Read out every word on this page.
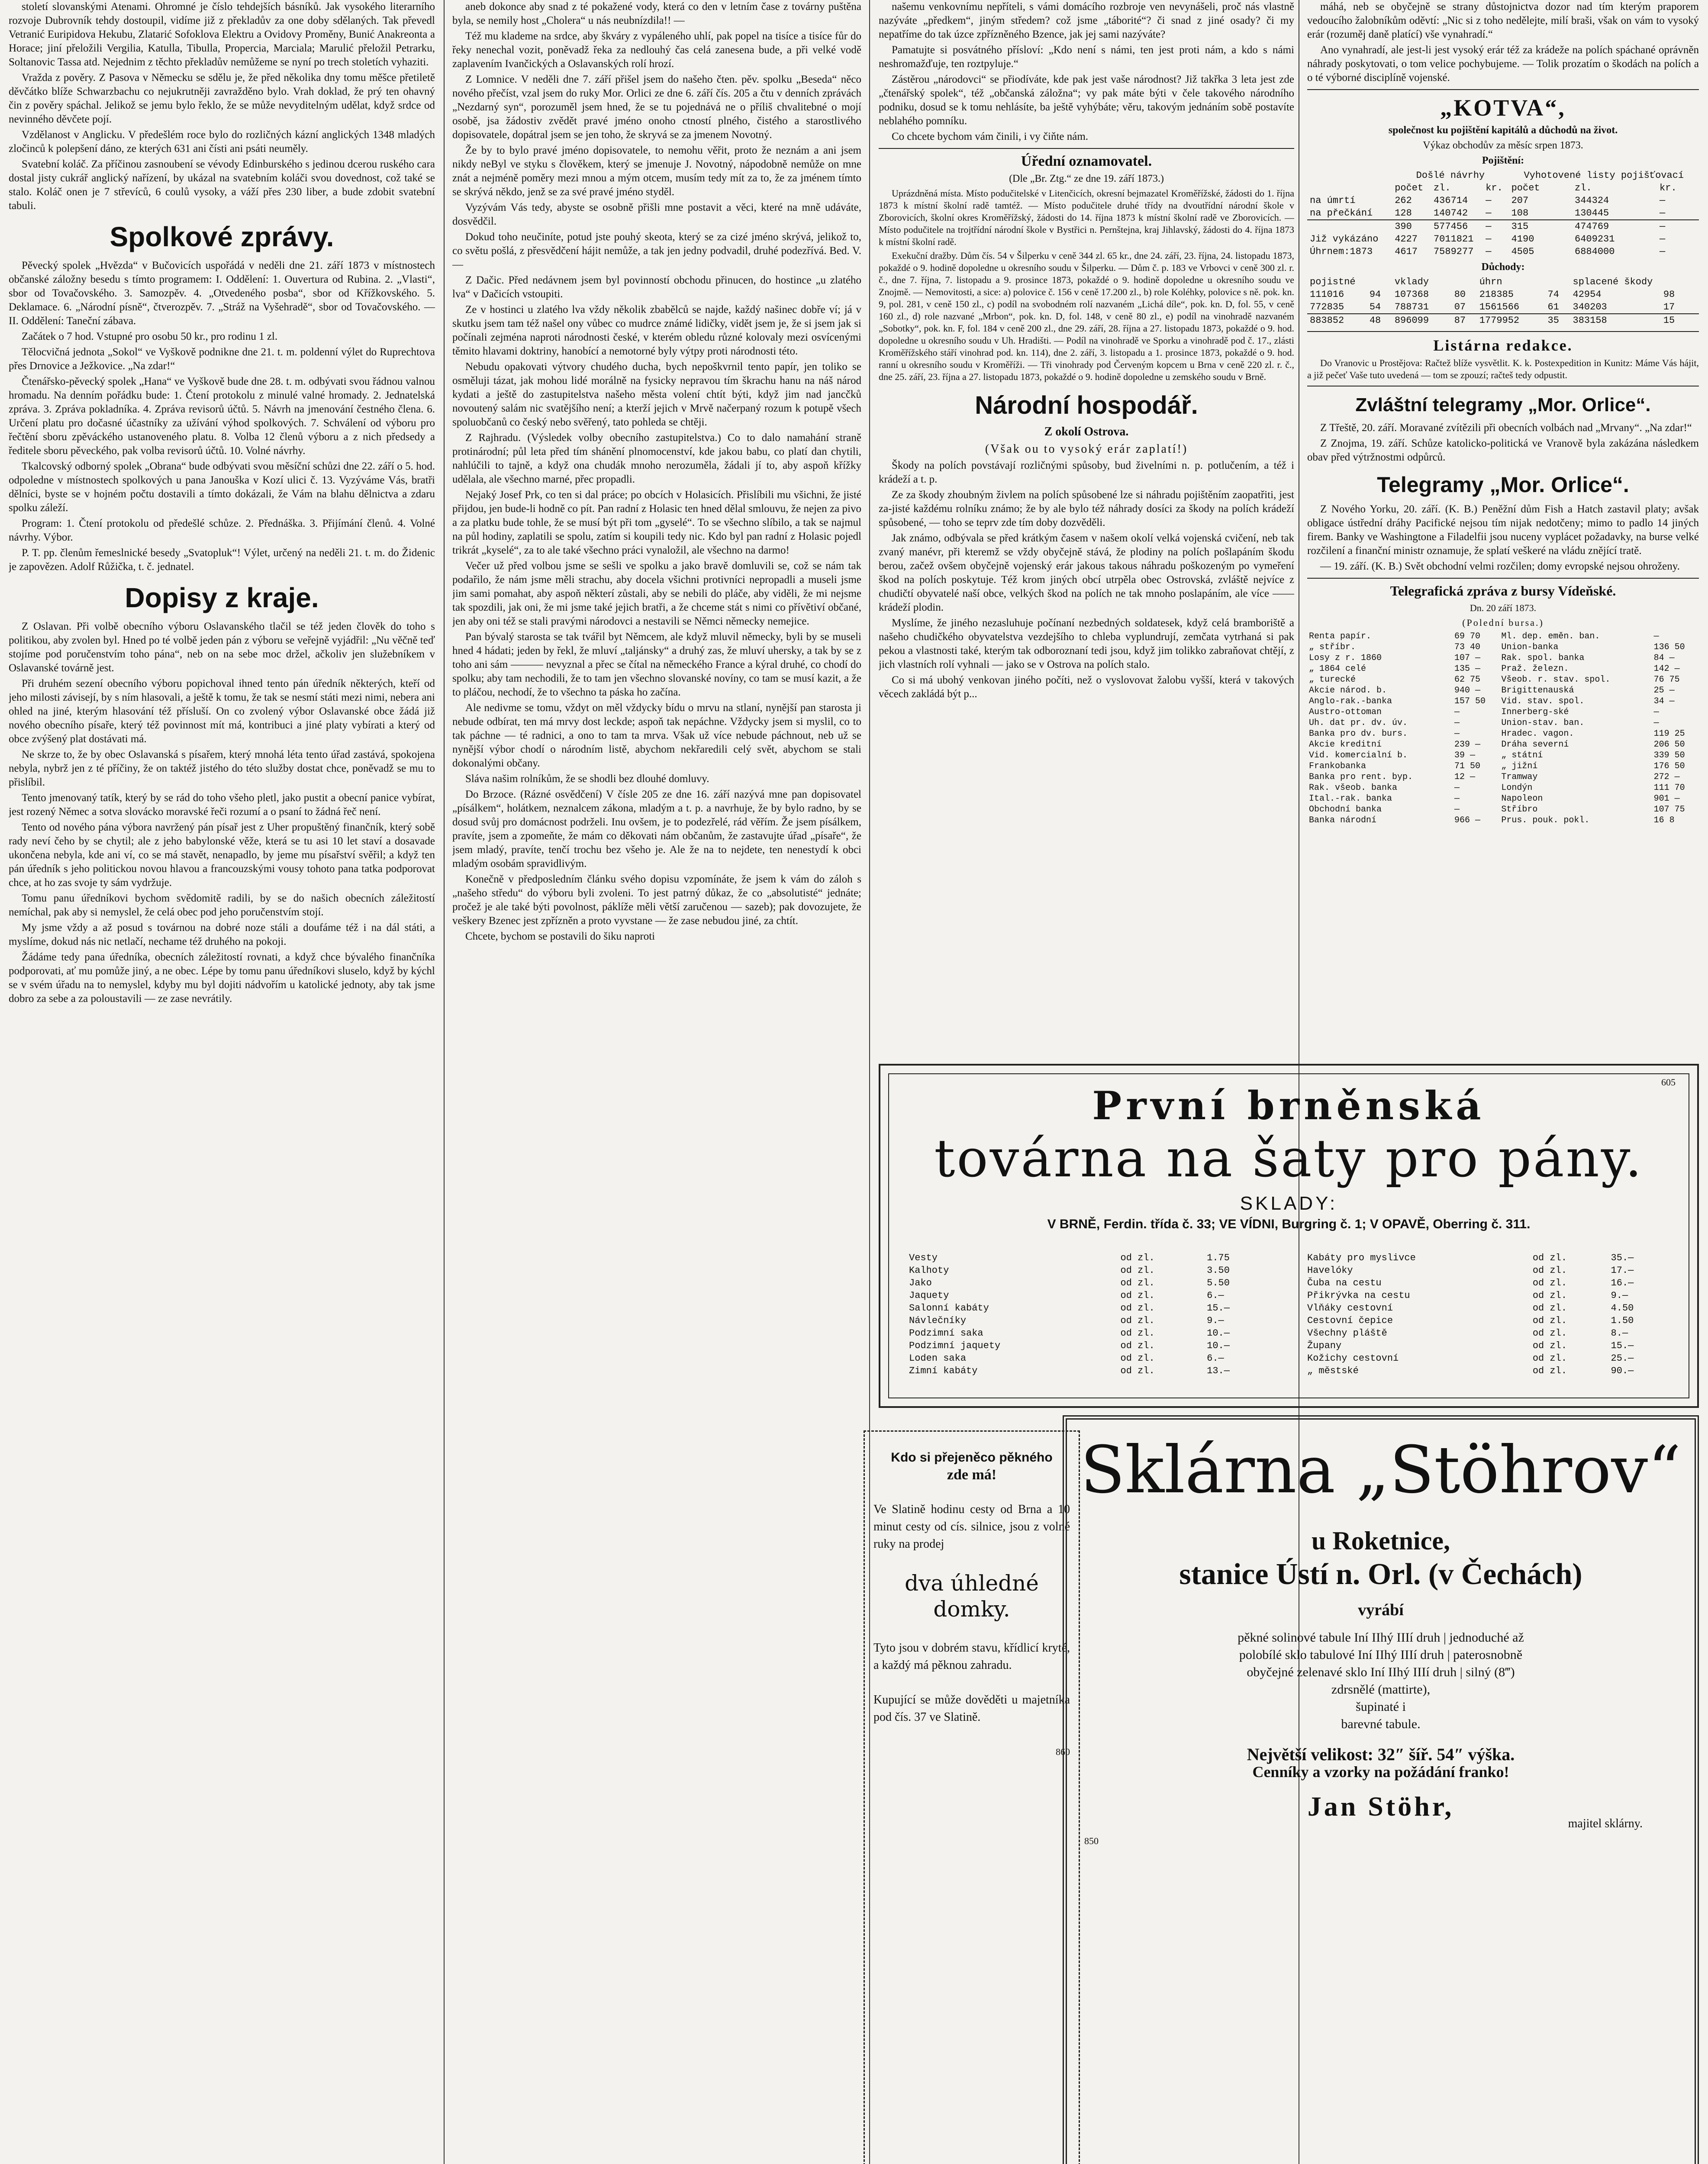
století slovanskými Atenami. Ohromné je číslo tehdejších básníků. Jak vysokého literarního rozvoje Dubrovník tehdy dostoupil, vidíme již z překladův za one doby sdělaných. Tak převedl Vetranić Euripidova Hekubu, Zlatarić Sofoklova Elektru a Ovidovy Proměny, Bunić Anakreonta a Horace; jiní přeložili Vergiliа, Katulla, Tibulla, Propercia, Marciala; Marulić přeložil Petrarku, Soltanovic Tassa atd. Nejednim z těchto překladův nemůžeme se nyní po trech stoletích vyhaziti.

Vražda z pověry. Z Pasova v Německu se sdělu je, že před několika dny tomu měšce přetiletě děvčátko blíže Schwarzbachu co nejukrutněji zavražděno bylo. Vrah doklad, že prý ten ohavný čin z pověry spáchal. Jelikož se jemu bylo řeklo, že se může nevyditelným udělat, když srdce od nevinného děvčete pojí.

Vzdělanost v Anglicku. V předešlém roce bylo do rozličných kázní anglických 1348 mladých zločinců k polepšení dáno, ze kterých 631 ani čísti ani psáti neuměly.

Svatební koláč. Za příčinou zasnoubení se vévody Edinburského s jedinou dcerou ruského cara dostal jisty cukrář anglický nařízení, by ukázal na svatebním koláči svou dovednost, což také se stalo. Koláč onen je 7 střevíců, 6 coulů vysoky, a váží přes 230 liber, a bude zdobit svatební tabuli.

Spolkové zprávy.

Pěvecký spolek „Hvězda“ v Bučovicích uspořádá v neděli dne 21. září 1873 v místnostech občanské záložny besedu s tímto programem: I. Oddělení: 1. Ouvertura od Rubina. 2. „Vlasti“, sbor od Tovačovského. 3. Samozpěv. 4. „Otvedeného posba“, sbor od Křížkovského. 5. Deklamace. 6. „Národní písně“, čtverozpěv. 7. „Stráž na Vyšehradě“, sbor od Tovačovského. — II. Oddělení: Taneční zábava.

Začátek o 7 hod. Vstupné pro osobu 50 kr., pro rodinu 1 zl.

Tělocvičná jednota „Sokol“ ve Vyškově podnikne dne 21. t. m. poldenní výlet do Ruprechtova přes Drnovice a Ježkovice. „Na zdar!“

Čtenářsko-pěvecký spolek „Hana“ ve Vyškově bude dne 28. t. m. odbývati svou řádnou valnou hromadu. Na denním pořádku bude: 1. Čtení protokolu z minulé valné hromady. 2. Jednatelská zpráva. 3. Zpráva pokladníka. 4. Zpráva revisorů účtů. 5. Návrh na jmenování čestného člena. 6. Určení platu pro dočasné účastníky za užívání výhod spolkových. 7. Schválení od výboru pro řečtění sboru zpěváckého ustanoveného platu. 8. Volba 12 členů výboru a z nich předsedy a ředitele sboru pěveckého, pak volba revisorů účtů. 10. Volné návrhy.

Tkalcovský odborný spolek „Obrana“ bude odbývati svou měsíční schůzi dne 22. září o 5. hod. odpoledne v místnostech spolkových u pana Janouška v Kozí ulici č. 13. Vyzýváme Vás, bratři dělníci, byste se v hojném počtu dostavili a tímto dokázali, že Vám na blahu dělnictva a zdaru spolku záleží.

Program: 1. Čtení protokolu od předešlé schůze. 2. Přednáška. 3. Přijímání členů. 4. Volné návrhy. Výbor.

P. T. pp. členům řemeslnické besedy „Svatopluk“! Výlet, určený na neděli 21. t. m. do Židenic je zapovězen. Adolf Růžička, t. č. jednatel.

Dopisy z kraje.

Z Oslavan. Při volbě obecního výboru Oslavanského tlačil se též jeden člověk do toho s politikou, aby zvolen byl. Hned po té volbě jeden pán z výboru se veřejně vyjádřil: „Nu věčně teď stojíme pod poručenstvím toho pána“, neb on na sebe moc držel, ačkoliv jen služebníkem v Oslavanské továrně jest.

Při druhém sezení obecního výboru popichoval ihned tento pán úředník některých, kteří od jeho milosti závisejí, by s ním hlasovali, a ještě k tomu, že tak se nesmí státi mezi nimi, nebera ani ohled na jiné, kterým hlasování též přísluší. On co zvolený výbor Oslavanské obce žádá již nového obecního písaře, který též povinnost mít má, kontribuci a jiné platy vybírati a který od obce zvýšený plat dostávati má.

Ne skrze to, že by obec Oslavanská s písařem, který mnohá léta tento úřad zastává, spokojena nebyla, nybrž jen z té příčiny, že on taktéž jistého do této služby dostat chce, poněvadž se mu to přislíbil.

Tento jmenovaný tatík, který by se rád do toho všeho pletl, jako pustit a obecní panice vybírat, jest rozený Němec a sotva slovácko moravské řeči rozumí a o psaní to žádná řeč není.

Tento od nového pána výbora navržený pán písař jest z Uher propuštěný finančník, který sobě rady neví čeho by se chytil; ale z jeho babylonské věže, která se tu asi 10 let staví a dosavade ukončena nebyla, kde ani ví, co se má stavět, nenapadlo, by jeme mu písařství svěřil; a když ten pán úředník s jeho politickou novou hlavou a francouzskými vousy tohoto pana tatka podporovat chce, at ho zas svoje ty sám vydržuje.

Tomu panu úředníkovi bychom svědomitě radili, by se do našich obecních záležitostí nemíchal, pak aby si nemyslel, že celá obec pod jeho poručenstvím stojí.

My jsme vždy a až posud s továrnou na dobré noze stáli a doufáme též i na dál státi, a myslíme, dokud nás nic netlačí, nechame též druhého na pokoji.

Žádáme tedy pana úředníka, obecních záležitostí rovnati, a když chce bývalého finančníka podporovati, ať mu pomůže jiný, a ne obec. Lépe by tomu panu úředníkovi sluselo, když by kýchl se v svém úřadu na to nemyslel, kdyby mu byl dojiti nádvořím u katolické jednoty, aby tak jsme dobro za sebe a za poloustavili — ze zase nevrátily.

aneb dokonce aby snad z té pokažené vody, která co den v letním čase z továrny puštěna byla, se nemily host „Cholera“ u nás neubnízdila!! —

Též mu klademe na srdce, aby škváry z vypáleného uhlí, pak popel na tisíce a tisíce fůr do řeky nenechal vozit, poněvadž řeka za nedlouhý čas celá zanesena bude, a při velké vodě zaplavením Ivančických a Oslavanských rolí hrozí.

Z Lomnice. V neděli dne 7. září přišel jsem do našeho čten. pěv. spolku „Beseda“ něco nového přečíst, vzal jsem do ruky Mor. Orlici ze dne 6. září čís. 205 a čtu v denních zprávách „Nezdarný syn“, porozuměl jsem hned, že se tu pojednává ne o příliš chvalitebné o mojí osobě, jsa žádostiv zvědět pravé jméno onoho ctností plného, čistého a starostlivého dopisovatele, dopátral jsem se jen toho, že skryvá se za jmenem Novotný.

Že by to bylo pravé jméno dopisovatele, to nemohu věřit, proto že neznám a ani jsem nikdy neByl ve styku s člověkem, který se jmenuje J. Novotný, nápodobně nemůže on mne znát a nejméně poměry mezi mnou a mým otcem, musím tedy mít za to, že za jménem tímto se skrývá někdo, jenž se za své pravé jméno styděl.

Vyzývám Vás tedy, abyste se osobně přišli mne postavit a věci, které na mně udáváte, dosvědčil.

Dokud toho neučiníte, potud jste pouhý skeota, který se za cizé jméno skrývá, jelikož to, co světu pošlá, z přesvědčení hájit nemůže, a tak jen jedny podvadil, druhé podezřívá. Bed. V.—

Z Dačic. Před nedávnem jsem byl povinností obchodu přinucen, do hostince „u zlatého lva“ v Dačicích vstoupiti.

Ze v hostinci u zlatého lva vždy několik zbabělců se najde, každý našinec dobře ví; já v skutku jsem tam též našel ony vůbec co mudrce známé lidičky, vidět jsem je, že si jsem jak si počínali zejména naproti národnosti české, v kterém obledu různé kolovaly mezi osvícenými těmito hlavami doktriny, hanobící a nemotorné byly výtpy proti národnosti této.

Nebudu opakovati výtvory chudého ducha, bych nepoškvrnil tento papír, jen toliko se osměluji tázat, jak mohou lidé morálně na fysicky nepravou tím škrachu hanu na náš národ kydati a ještě do zastupitelstva našeho města volení chtít býti, když jim nad jancčků novoutený salám nic svatějšího není; a kterží jejich v Mrvě načerpaný rozum k potupě všech spoluobčanů co český nebo svěřený, tato pohleda se chtěji.

Z Rajhradu. (Výsledek volby obecního zastupitelstva.) Co to dalo namahání straně protinárodní; půl leta před tím shánění plnomocenství, kde jakou babu, co platí dan chytili, nahlúčili to tajně, a když ona chudák mnoho nerozuměla, žádali jí to, aby aspoň křížky udělala, ale všechno marné, přec propadli.

Nejaký Josef Prk, co ten si dal práce; po obcích v Holasicích. Přislíbili mu všichni, že jisté přijdou, jen bude-li hodně co pít. Pan radní z Holasic ten hned dělal smlouvu, že nejen za pivo a za platku bude tohle, že se musí být při tom „gyselé“. To se všechno slíbilo, a tak se najmul na půl hodiny, zaplatili se spolu, zatím si koupili tedy nic. Kdo byl pan radní z Holasic pojedl trikrát „kyselé“, za to ale také všechno práci vynaložil, ale všechno na darmo!

Večer už před volbou jsme se sešli ve spolku a jako bravě domluvili se, což se nám tak podařilo, že nám jsme měli strachu, aby docela všichni protivníci nepropadli a museli jsme jim sami pomahat, aby aspoň některí zůstali, aby se nebili do pláče, aby viděli, že mi nejsme tak spozdili, jak oni, že mi jsme také jejich bratři, a že chceme stát s nimi co přívětiví občané, jen aby oni též se stali pravými národovci a nestavili se Němci německy nemejice.

Pan bývalý starosta se tak tvářil byt Němcem, ale když mluvil německy, byli by se museli hned 4 hádati; jeden by řekl, že mluví „taljánsky“ a druhý zas, že mluví uhersky, a tak by se z toho ani sám ——— nevyznal a přec se čítal na německého France a kýral druhé, co chodí do spolku; aby tam nechodili, že to tam jen všechno slovanské novíny, co tam se musí kazit, a že to pláčou, nechodí, že to všechno ta páska ho začína.

Ale nedivme se tomu, vždyt on měl vždycky bídu o mrvu na stlaní, nynější pan starosta ji nebude odbírat, ten má mrvy dost leckde; aspoň tak nepáchne. Vždycky jsem si myslil, co to tak páchne — té radnici, a ono to tam ta mrva. Však už více nebude páchnout, neb už se nynější výbor chodí o národním listě, abychom nekřaredili celý svět, abychom se stali dokonalými občany.

Sláva našim rolníkům, že se shodli bez dlouhé domluvy.

Do Brzoce. (Rázné osvědčení) V čísle 205 ze dne 16. září nazývá mne pan dopisovatel „písálkem“, holátkem, neznalcem zákona, mladým a t. p. a navrhuje, že by bylo radno, by se dosud svůj pro domácnost podrželi. Inu ovšem, je to podezřelé, rád věřím. Že jsem písálkem, pravíte, jsem a zpomeňte, že mám co děkovati nám občanům, že zastavujte úřad „písaře“, že jsem mladý, pravíte, tenčí trochu bez všeho je. Ale že na to nejdete, ten nenestydí k obci mladým osobám spravidlivým.

Konečně v předposledním článku svého dopisu vzpomínáte, že jsem k vám do záloh s „našeho středu“ do výboru byli zvoleni. To jest patrný důkaz, že co „absolutisté“ jednáte; pročež je ale také býti povolnost, páklíže měli větší zaručenou — sazeb); pak dovozujete, že veškery Bzenec jest zpřízněn a proto vyvstane — že zase nebudou jiné, za chtít.

Chcete, bychom se postavili do šiku naproti

našemu venkovnímu nepříteli, s vámi domácího rozbroje ven nevynášeli, proč nás vlastně nazýváte „předkem“, jiným středem? což jsme „táborité“? či snad z jiné osady? či my nepatříme do tak úzce zpřízněného Bzence, jak jej sami nazýváte?

Pamatujte si posvátného přísloví: „Kdo není s námi, ten jest proti nám, a kdo s námi neshromažďuje, ten roztpyluje.“

Zástěrou „národovci“ se přiodíváte, kde pak jest vaše národnost? Již takřka 3 leta jest zde „čtenářský spolek“, též „občanská záložna“; vy pak máte býti v čele takového národního podniku, dosud se k tomu nehlásíte, ba ještě vyhýbáte; věru, takovým jednáním sobě postavíte neblahého pomníku.

Co chcete bychom vám činili, i vy čiňte nám.

Úřední oznamovatel.
(Dle „Br. Ztg.“ ze dne 19. září 1873.)

Uprázdněná místa. Místo podučitelské v Litenčicích, okresní bejmazatel Kroměřížské, žádosti do 1. října 1873 k místní školní radě tamtéž. — Místo podučitele druhé třídy na dvoutřídní národní škole v Zborovicích, školní okres Kroměřížský, žádosti do 14. října 1873 k místní školní radě ve Zborovicích. — Místo podučitele na trojtřídní národní škole v Bystřici n. Pernštejna, kraj Jihlavský, žádosti do 4. října 1873 k místní školní radě.

Exekuční dražby. Dům čís. 54 v Šilperku v ceně 344 zl. 65 kr., dne 24. září, 23. října, 24. listopadu 1873, pokaždé o 9. hodině dopoledne u okresního soudu v Šilperku. — Dům č. p. 183 ve Vrbovci v ceně 300 zl. r. č., dne 7. října, 7. listopadu a 9. prosince 1873, pokaždé o 9. hodině dopoledne u okresního soudu ve Znojmě. — Nemovitosti, a sice: a) polovice č. 156 v ceně 17.200 zl., b) role Koléhky, polovice s ně. pok. kn. 9, pol. 281, v ceně 150 zl., c) podíl na svobodném rolí nazvaném „Lichá díle“, pok. kn. D, fol. 55, v ceně 160 zl., d) role nazvané „Mrbon“, pok. kn. D, fol. 148, v ceně 80 zl., e) podíl na vinohradě nazvaném „Sobotky“, pok. kn. F, fol. 184 v ceně 200 zl., dne 29. září, 28. října a 27. listopadu 1873, pokaždé o 9. hod. dopoledne u okresního soudu v Uh. Hradišti. — Podíl na vinohradě ve Sporku a vinohradě pod č. 17., zlásti Kroměřížského stáří vinohrad pod. kn. 114), dne 2. září, 3. listopadu a 1. prosince 1873, pokaždé o 9. hod. ranní u okresního soudu v Kroměříži. — Tři vinohrady pod Červeným kopcem u Brna v ceně 220 zl. r. č., dne 25. září, 23. října a 27. listopadu 1873, pokaždé o 9. hodině dopoledne u zemského soudu v Brně.

Národní hospodář.
Z okolí Ostrova.
(Však ou to vysoký erár zaplatí!)

Škody na polích povstávají rozličnými spůsoby, bud živelními n. p. potlučením, a též i krádeží a t. p.

Ze za škody zhoubným živlem na polích spůsobené lze si náhradu pojištěním zaopatřiti, jest za-jisté každému rolníku známo; že by ale bylo též náhrady dosíci za škody na polích krádeží spůsobené, — toho se teprv zde tím doby dozvěděli.

Jak známo, odbývala se před krátkým časem v našem okolí velká vojenská cvičení, neb tak zvaný manévr, při kteremž se vždy obyčejně stává, že plodiny na polích pošlapáním škodu berou, začež ovšem obyčejně vojenský erár jakous takous náhradu poškozeným po vymeření škod na polích poskytuje. Též krom jiných obcí utrpěla obec Ostrovská, zvláště nejvíce z chudičtí obyvatelé naší obce, velkých škod na polích ne tak mnoho poslapáním, ale více —— krádeží plodin.

Myslíme, že jiného nezasluhuje počínaní nezbedných soldatesek, když celá bramboriště a našeho chudičkého obyvatelstva vezdejšího to chleba vyplundrují, zemčata vytrhaná si pak pekou a vlastnosti také, kterým tak odboroznaní tedi jsou, když jim tolikko zabraňovat chtějí, z jich vlastních rolí vyhnali — jako se v Ostrova na polích stalo.

Co si má ubohý venkovan jiného počíti, než o vyslovovat žalobu vyšší, která v takových věcech zakládá být p...

máhá, neb se obyčejně se strany důstojnictva dozor nad tím kterým praporem vedoucího žalobníkům oděvtí: „Nic si z toho nedělejte, milí braši, však on vám to vysoký erár (rozuměj daně platící) vše vynahradí.“

Ano vynahradí, ale jest-li jest vysoký erár též za krádeže na polích spáchané oprávněn náhrady poskytovati, o tom velice pochybujeme. — Tolik prozatím o škodách na polích a o té výborné disciplíně vojenské.

„KOTVA“,
společnost ku pojištění kapitálů a důchodů na život.
Výkaz obchodův za měsíc srpen 1873.
Pojištění:
	Došlé návrhy			Vyhotovené listy pojišťovací		
	počet	zl.	kr.	počet	zl.	kr.
na úmrtí	262	436714	—	207	344324	—
na přečkání	128	140742	—	108	130445	—
	390	577456	—	315	474769	—
Již vykázáno	4227	7011821	—	4190	6409231	—
Úhrnem:1873	4617	7589277	—	4505	6884000	—
Důchody:
pojistné		vklady		úhrn		splacené škody	
111016	94	107368	80	218385	74	42954	98
772835	54	788731	07	1561566	61	340203	17
883852	48	896099	87	1779952	35	383158	15
Listárna redakce.

Do Vranovic u Prostějova: Račtež blíže vysvětlit. K. k. Postexpedition in Kunitz: Máme Vás hájit, a již pečeť Vaše tuto uvedená — tom se zpouzí; račteš tedy odpustit.

Zvláštní telegramy „Mor. Orlice“.

Z Třeště, 20. září. Moravané zvítězili při obecních volbách nad „Mrvany“. „Na zdar!“

Z Znojma, 19. září. Schůze katolicko-politická ve Vranově byla zakázána následkem obav před výtržnostmi odpůrců.

Telegramy „Mor. Orlice“.

Z Nového Yorku, 20. září. (K. B.) Peněžní dům Fish a Hatch zastavil platy; avšak obligace ústřední dráhy Pacifické nejsou tím nijak nedotčeny; mimo to padlo 14 jiných firem. Banky ve Washingtone a Filadelfii jsou nuceny vyplácet požadavky, na burse velké rozčilení a finanční ministr oznamuje, že splatí veškeré na vládu znějící tratě.

— 19. září. (K. B.) Svět obchodní velmi rozčilen; domy evropské nejsou ohroženy.

Telegrafická zpráva z bursy Vídeňské.
Dn. 20 září 1873.
(Polední bursa.)
Renta papír.	69 70	Ml. dep. eměn. ban.	—
„ stříbr.	73 40	Union-banka	136 50
Losy z r. 1860	107 —	Rak. spol. banka	84 —
„ 1864 celé	135 —	Praž. železn.	142 —
„ turecké	62 75	Všeob. r. stav. spol.	76 75
Akcie národ. b.	940 —	Brigittenauská	25 —
Anglo-rak.-banka	157 50	Vid. stav. spol.	34 —
Austro-ottoman	—	Innerberg-ské	—
Uh. dat pr. dv. úv.	—	Union-stav. ban.	—
Banka pro dv. burs.	—	Hradec. vagon.	119 25
Akcie kreditní	239 —	Dráha severní	206 50
Vid. komercialní b.	39 —	„ státní	339 50
Frankobanka	71 50	„ jižní	176 50
Banka pro rent. byp.	12 —	Tramway	272 —
Rak. všeob. banka	—	Londýn	111 70
Ital.-rak. banka	—	Napoleon	901 —
Obchodní banka	—	Stříbro	107 75
Banka národní	966 —	Prus. pouk. pokl.	16 8
605
První brněnská
továrna na šaty pro pány.
SKLADY:
V BRNĚ, Ferdin. třída č. 33; VE VÍDNI, Burgring č. 1; V OPAVĚ, Oberring č. 311.
Vesty	od zl.	1.75
Kalhoty	od zl.	3.50
Jako	od zl.	5.50
Jaquety	od zl.	6.—
Salonní kabáty	od zl.	15.—
Návlečníky	od zl.	9.—
Podzimní saka	od zl.	10.—
Podzimní jaquety	od zl.	10.—
Loden saka	od zl.	6.—
Zimní kabáty	od zl.	13.—
Kabáty pro myslivce	od zl.	35.—
Havelóky	od zl.	17.—
Čuba na cestu	od zl.	16.—
Přikrývka na cestu	od zl.	9.—
Vlňáky cestovní	od zl.	4.50
Cestovní čepice	od zl.	1.50
Všechny pláště	od zl.	8.—
Župany	od zl.	15.—
Kožichy cestovní	od zl.	25.—
„ městské	od zl.	90.—
Kdo si přejeněco pěkného
zde má!
Ve Slatině hodinu cesty od Brna a 10 minut cesty od cís. silnice, jsou z volné ruky na prodej
dva úhledné domky.
Tyto jsou v dobrém stavu, křídlicí kryté, a každý má pěknou zahradu.
Kupující se může dověděti u majetníka pod čís. 37 ve Slatině.
860
Sklárna „Stöhrov“
u Roketnice,
stanice Ústí n. Orl. (v Čechách)
vyrábí
pěkné solinové tabule Iní IIhý IIIí druh | jednoduché až
polobílé sklo tabulové Iní IIhý IIIí druh | paterosnobně
obyčejné zelenavé sklo Iní IIhý IIIí druh | silný (8‴)
zdrsnělé (mattirte),
šupinaté i
barevné tabule.
Největší velikost: 32″ šíř. 54″ výška.
Cenníky a vzorky na požádání franko!
Jan Stöhr,
majitel sklárny.
850
